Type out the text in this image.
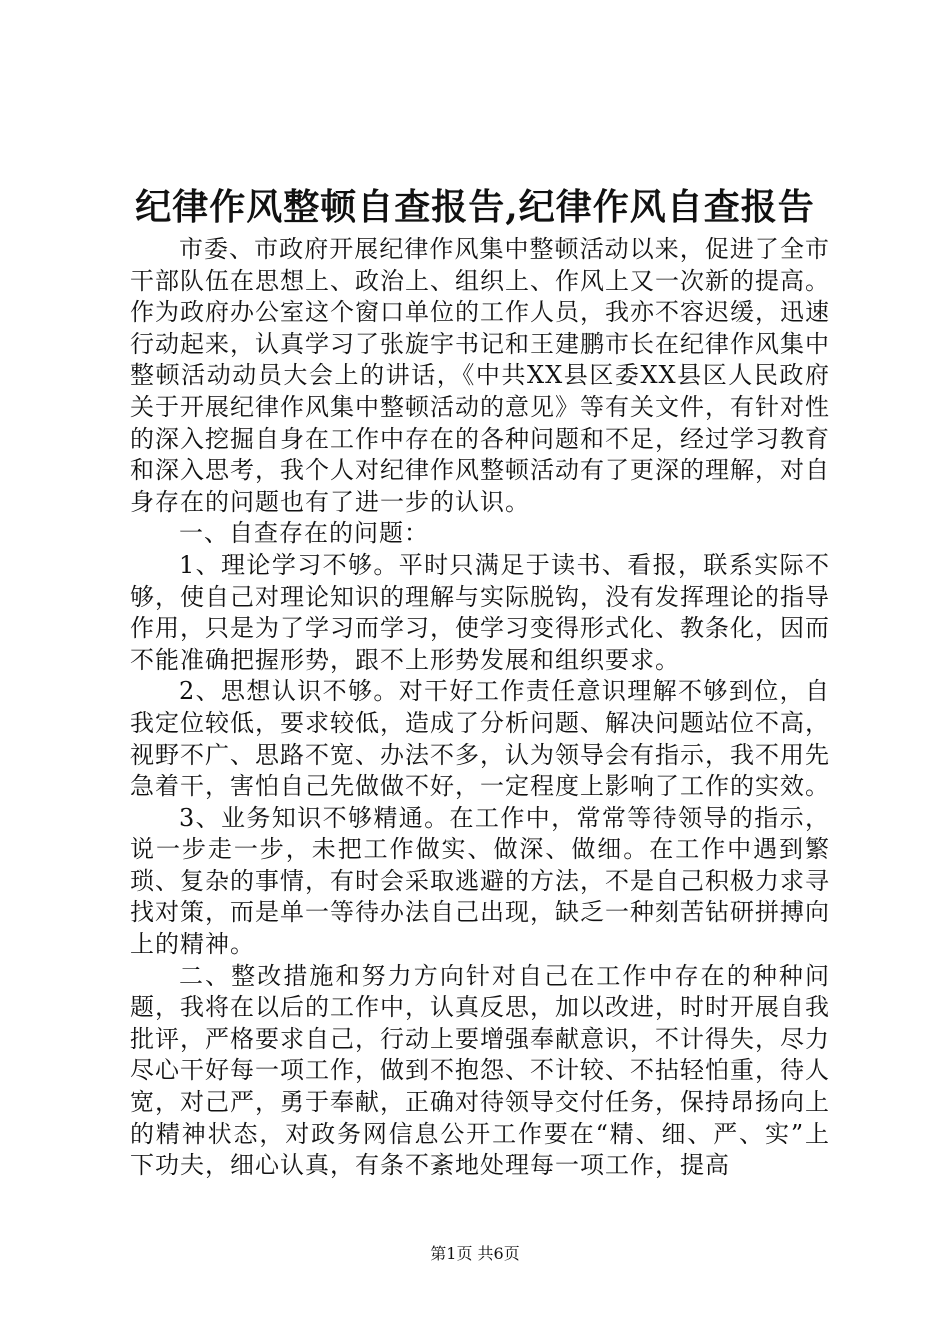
纪律作风整顿自查报告,纪律作风自查报告

市委、市政府开展纪律作风集中整顿活动以来，促进了全市干部队伍在思想上、政治上、组织上、作风上又一次新的提高。作为政府办公室这个窗口单位的工作人员，我亦不容迟缓，迅速行动起来，认真学习了张旋宇书记和王建鹏市长在纪律作风集中整顿活动动员大会上的讲话，《中共XX县区委XX县区人民政府关于开展纪律作风集中整顿活动的意见》等有关文件，有针对性的深入挖掘自身在工作中存在的各种问题和不足，经过学习教育和深入思考，我个人对纪律作风整顿活动有了更深的理解，对自身存在的问题也有了进一步的认识。

一、自查存在的问题：

1、理论学习不够。平时只满足于读书、看报，联系实际不够，使自己对理论知识的理解与实际脱钩，没有发挥理论的指导作用，只是为了学习而学习，使学习变得形式化、教条化，因而不能准确把握形势，跟不上形势发展和组织要求。

2、思想认识不够。对干好工作责任意识理解不够到位，自我定位较低，要求较低，造成了分析问题、解决问题站位不高，视野不广、思路不宽、办法不多，认为领导会有指示，我不用先急着干，害怕自己先做做不好，一定程度上影响了工作的实效。

3、业务知识不够精通。在工作中，常常等待领导的指示，说一步走一步，未把工作做实、做深、做细。在工作中遇到繁琐、复杂的事情，有时会采取逃避的方法，不是自己积极力求寻找对策，而是单一等待办法自己出现，缺乏一种刻苦钻研拼搏向上的精神。

二、整改措施和努力方向针对自己在工作中存在的种种问题，我将在以后的工作中，认真反思，加以改进，时时开展自我批评，严格要求自己，行动上要增强奉献意识，不计得失，尽力尽心干好每一项工作，做到不抱怨、不计较、不拈轻怕重，待人宽，对己严，勇于奉献，正确对待领导交付任务，保持昂扬向上的精神状态，对政务网信息公开工作要在“精、细、严、实”上下功夫，细心认真，有条不紊地处理每一项工作，提高

第1页 共6页
